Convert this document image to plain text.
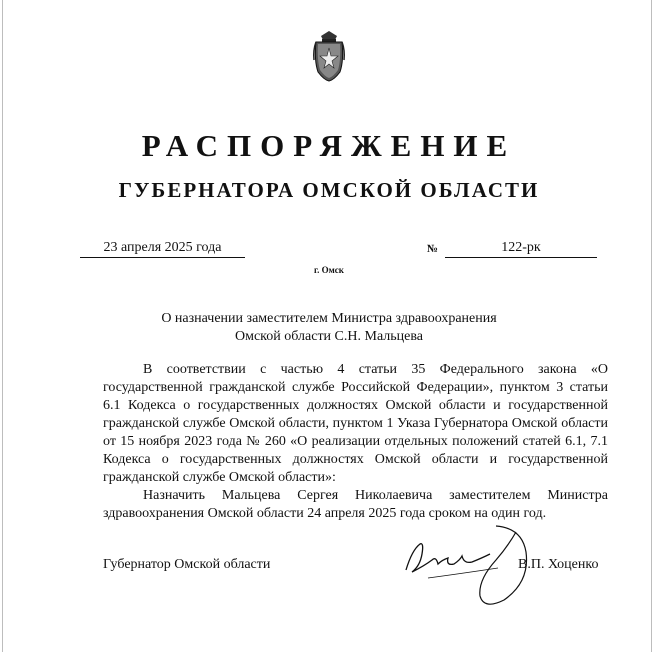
РАСПОРЯЖЕНИЕ
ГУБЕРНАТОРА ОМСКОЙ ОБЛАСТИ
23 апреля 2025 года	№	122-рк
г. Омск
О назначении заместителем Министра здравоохранения
Омской области С.Н. Мальцева

В соответствии с частью 4 статьи 35 Федерального закона «О государственной гражданской службе Российской Федерации», пунктом 3 статьи 6.1 Кодекса о государственных должностях Омской области и государственной гражданской службе Омской области, пунктом 1 Указа Губернатора Омской области от 15 ноября 2023 года № 260 «О реализации отдельных положений статей 6.1, 7.1 Кодекса о государственных должностях Омской области и государственной гражданской службе Омской области»:

Назначить Мальцева Сергея Николаевича заместителем Министра здравоохранения Омской области 24 апреля 2025 года сроком на один год.

Губернатор Омской области	В.П. Хоценко
